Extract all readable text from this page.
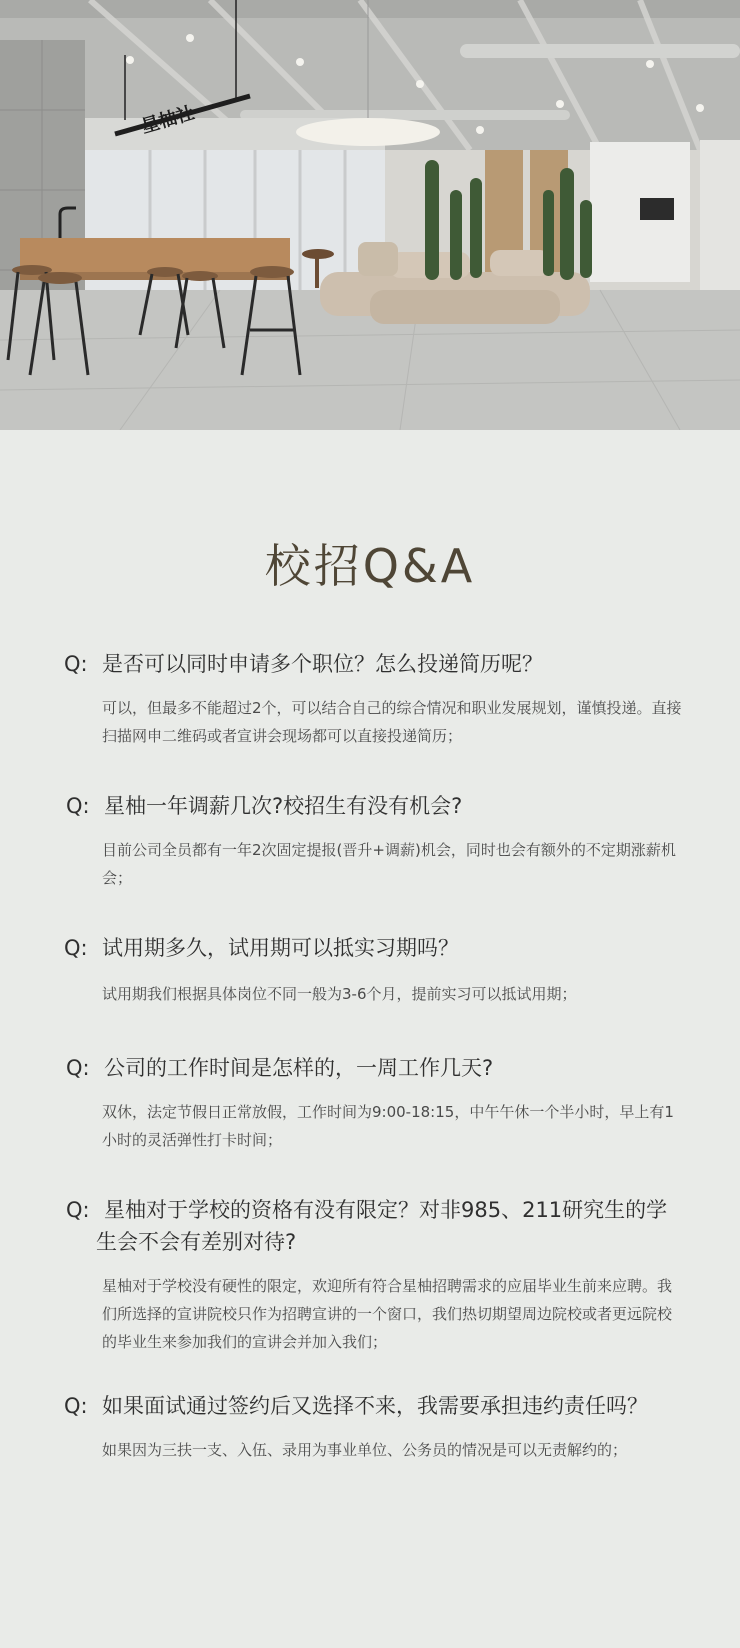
星柚社
校招Q&A
Q: 是否可以同时申请多个职位？怎么投递简历呢？
可以，但最多不能超过2个，可以结合自己的综合情况和职业发展规划，谨慎投递。直接扫描网申二维码或者宣讲会现场都可以直接投递简历；
Q: 星柚一年调薪几次?校招生有没有机会?
目前公司全员都有一年2次固定提报(晋升+调薪)机会，同时也会有额外的不定期涨薪机会；
Q: 试用期多久，试用期可以抵实习期吗？
试用期我们根据具体岗位不同一般为3-6个月，提前实习可以抵试用期；
Q: 公司的工作时间是怎样的，一周工作几天?
双休，法定节假日正常放假，工作时间为9:00-18:15，中午午休一个半小时，早上有1小时的灵活弹性打卡时间；
Q: 星柚对于学校的资格有没有限定？对非985、211研究生的学
生会不会有差别对待?
星柚对于学校没有硬性的限定，欢迎所有符合星柚招聘需求的应届毕业生前来应聘。我们所选择的宣讲院校只作为招聘宣讲的一个窗口，我们热切期望周边院校或者更远院校的毕业生来参加我们的宣讲会并加入我们；
Q: 如果面试通过签约后又选择不来，我需要承担违约责任吗？
如果因为三扶一支、入伍、录用为事业单位、公务员的情况是可以无责解约的；
